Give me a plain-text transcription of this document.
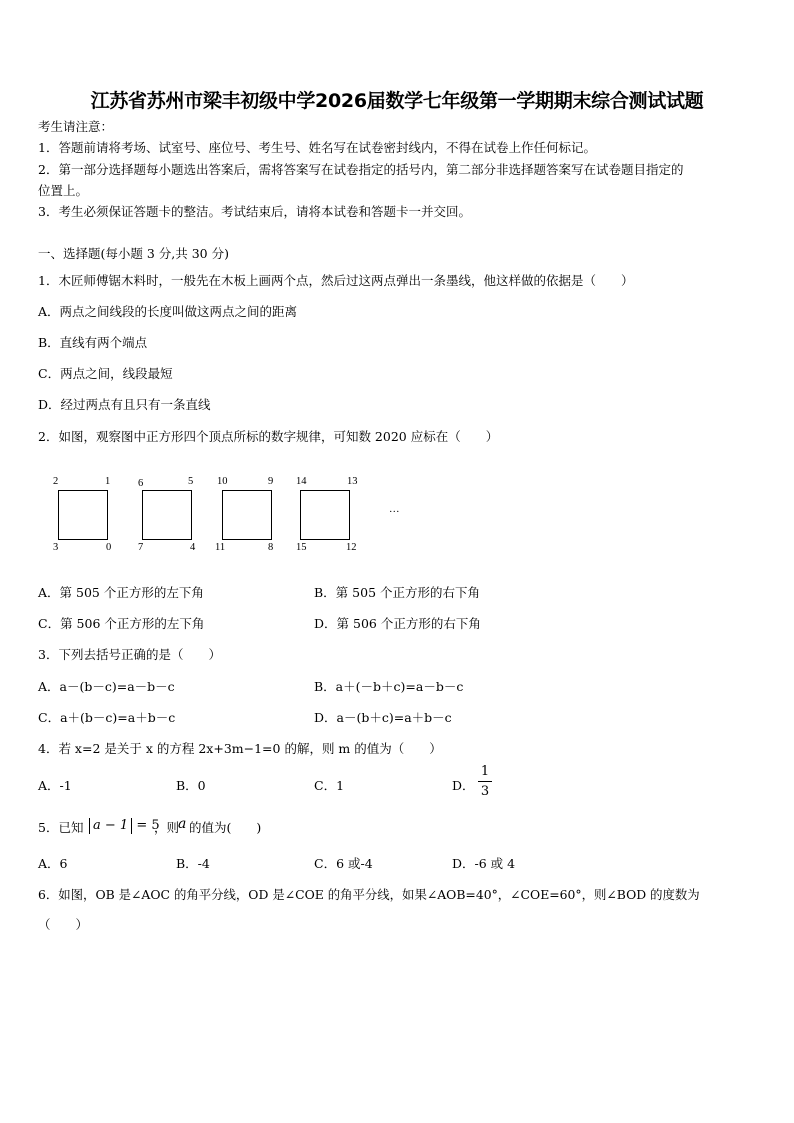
江苏省苏州市梁丰初级中学2026届数学七年级第一学期期末综合测试试题
考生请注意：
1．答题前请将考场、试室号、座位号、考生号、姓名写在试卷密封线内，不得在试卷上作任何标记。
2．第一部分选择题每小题选出答案后，需将答案写在试卷指定的括号内，第二部分非选择题答案写在试卷题目指定的
位置上。
3．考生必须保证答题卡的整洁。考试结束后，请将本试卷和答题卡一并交回。
一、选择题(每小题 3 分,共 30 分)
1．木匠师傅锯木料时，一般先在木板上画两个点，然后过这两点弹出一条墨线，他这样做的依据是（　　）
A．两点之间线段的长度叫做这两点之间的距离
B．直线有两个端点
C．两点之间，线段最短
D．经过两点有且只有一条直线
2．如图，观察图中正方形四个顶点所标的数字规律，可知数 2020 应标在（　　）
2	1
3	0
6	5
7	4
10	9
11	8
14	13
15	12
…
A．第 505 个正方形的左下角	B．第 505 个正方形的右下角
C．第 506 个正方形的左下角	D．第 506 个正方形的右下角
3．下列去括号正确的是（　　）
A．a－(b－c)=a－b－c	B．a＋(－b＋c)=a－b－c
C．a＋(b－c)=a＋b－c	D．a－(b＋c)=a＋b－c
4．若 x=2 是关于 x 的方程 2x+3m−1=0 的解，则 m 的值为（　　）
A．-1	B．0	C．1	D．
1
3
5．已知 a − 1 = 5
，则
a 的值为(　　)
A．6	B．-4	C．6 或-4	D．-6 或 4
6．如图，OB 是∠AOC 的角平分线，OD 是∠COE 的角平分线，如果∠AOB=40°，∠COE=60°，则∠BOD 的度数为
（　　）
